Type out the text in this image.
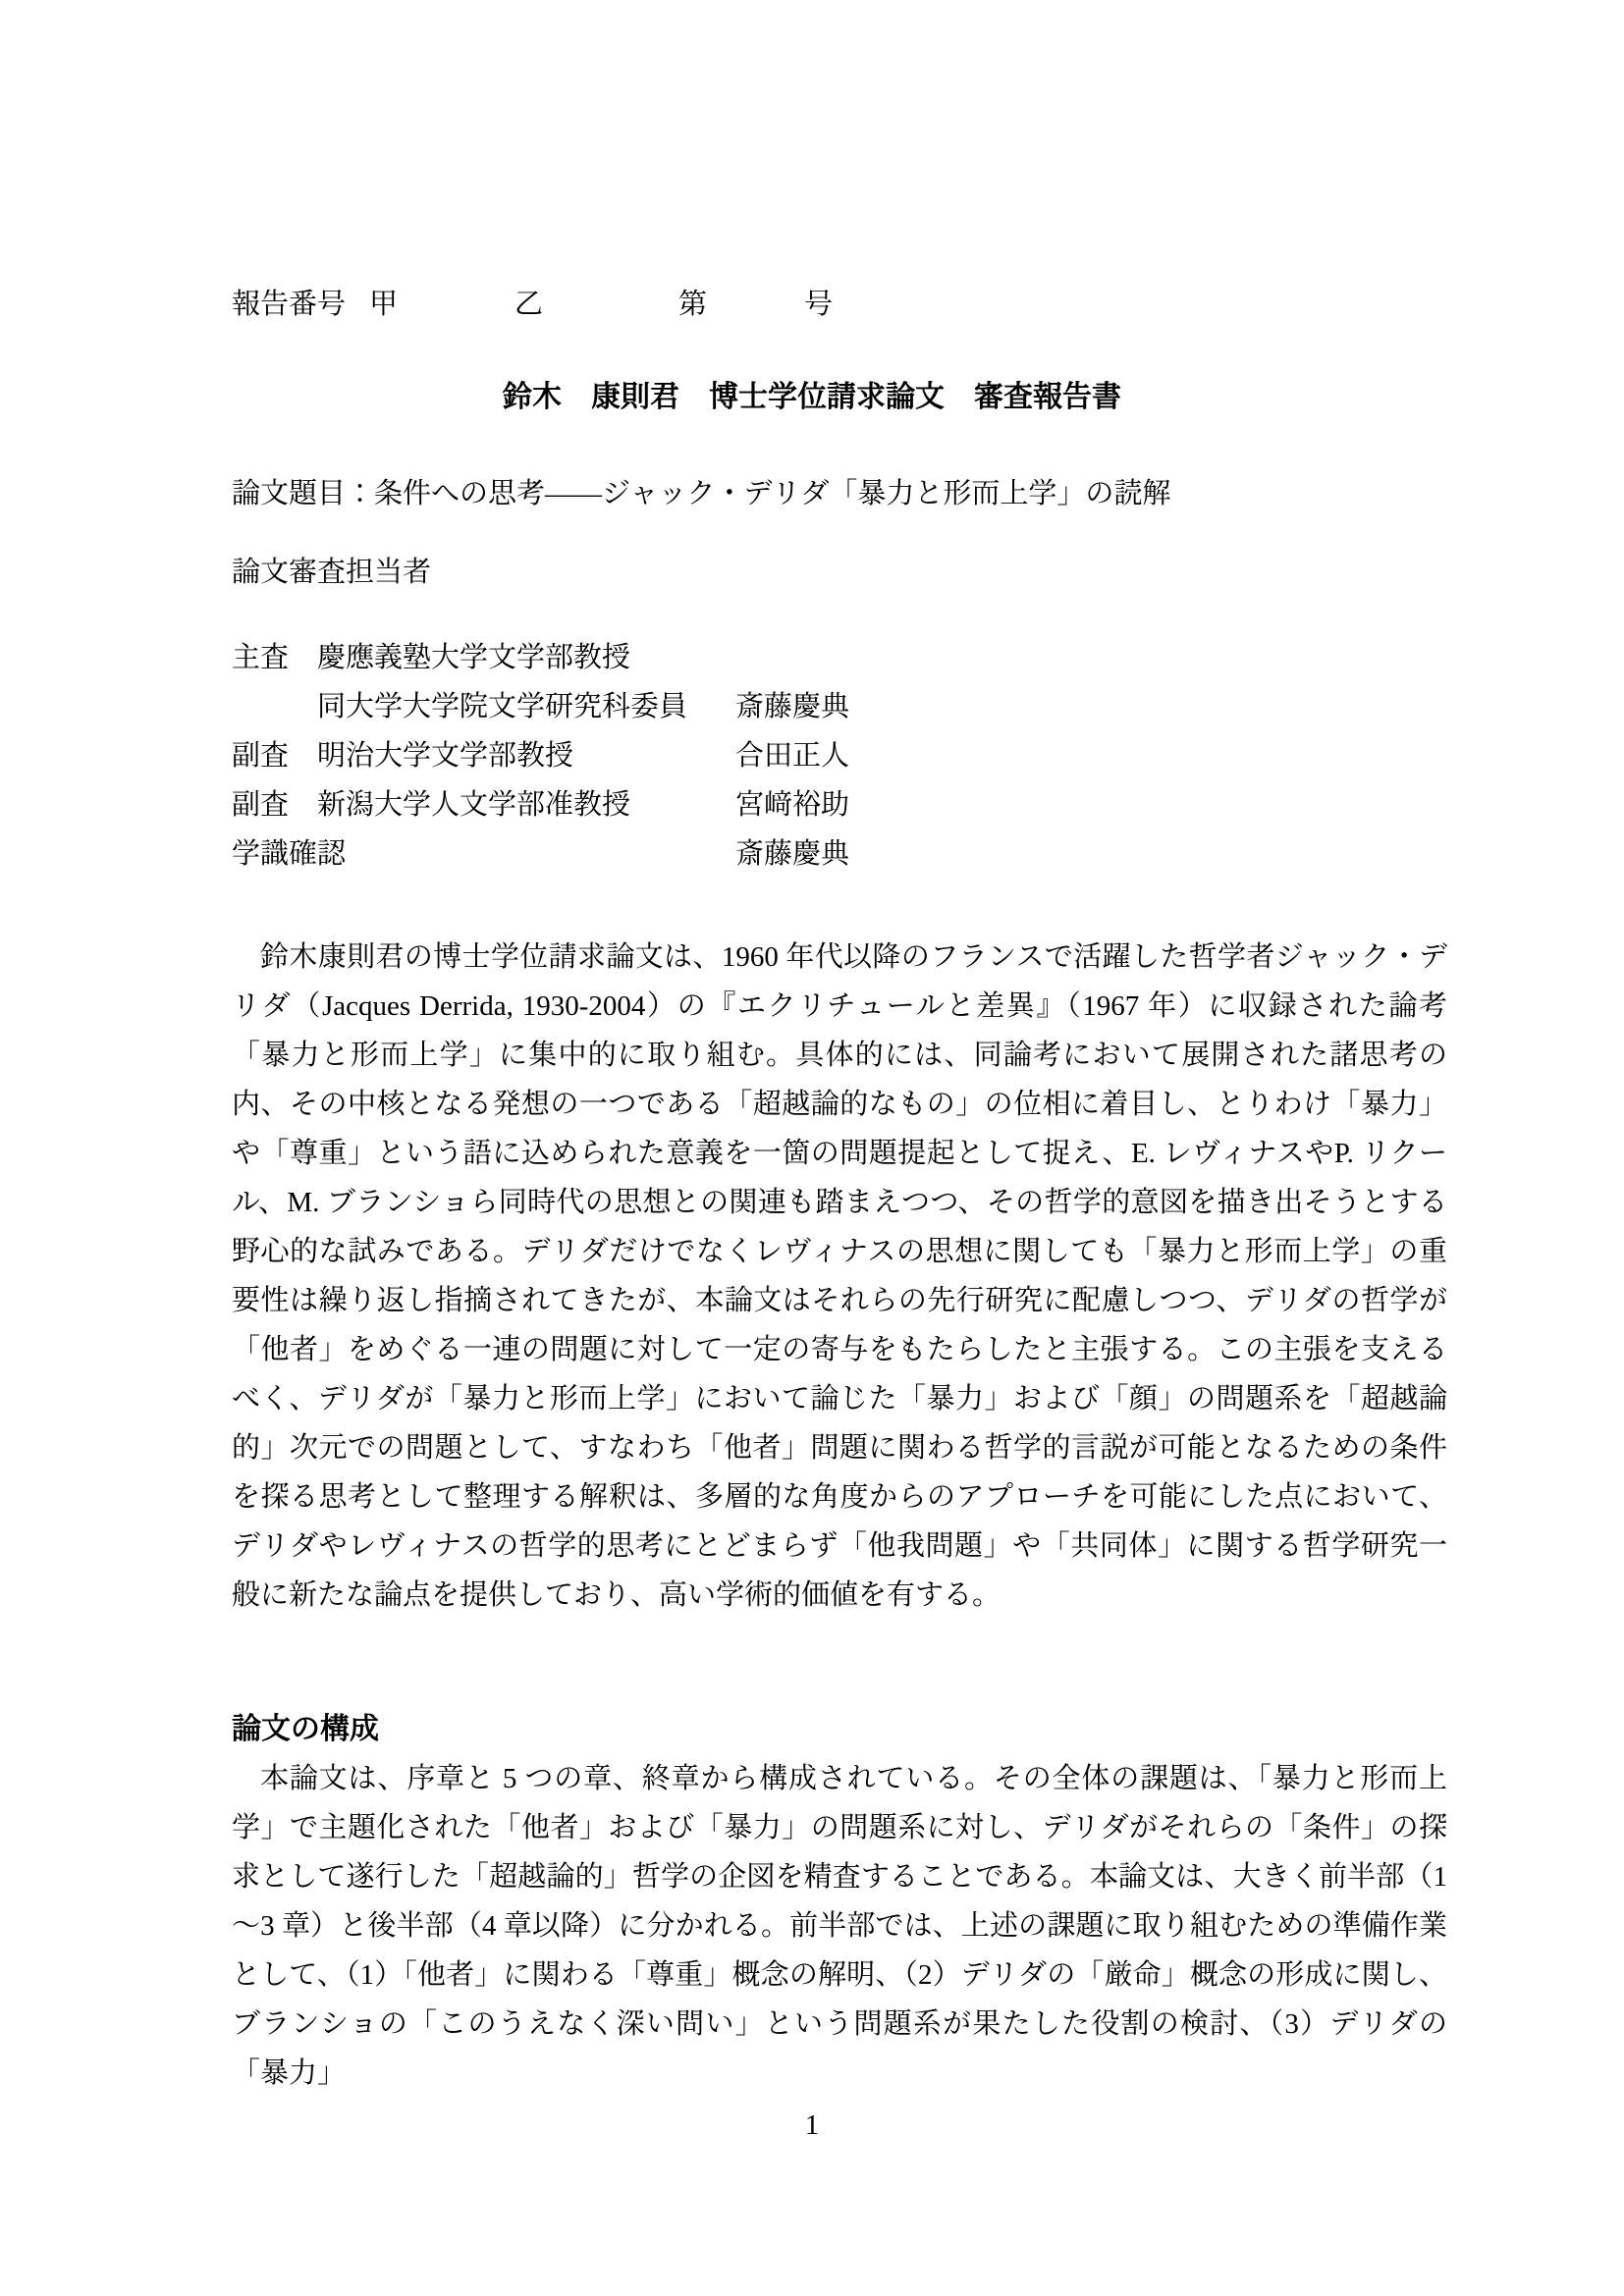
報告番号 甲	乙	第	号
鈴木　康則君　博士学位請求論文　審査報告書
論文題目：条件への思考――ジャック・デリダ「暴力と形而上学」の読解
論文審査担当者
主査 慶應義塾大学文学部教授
同大学大学院文学研究科委員	斎藤慶典
副査 明治大学文学部教授	合田正人
副査 新潟大学人文学部准教授	宮﨑裕助
学識確認	斎藤慶典

鈴木康則君の博士学位請求論文は、1960 年代以降のフランスで活躍した哲学者ジャック・デリダ（Jacques Derrida, 1930-2004）の『エクリチュールと差異』（1967 年）に収録された論考「暴力と形而上学」に集中的に取り組む。具体的には、同論考において展開された諸思考の内、その中核となる発想の一つである「超越論的なもの」の位相に着目し、とりわけ「暴力」や「尊重」という語に込められた意義を一箇の問題提起として捉え、E. レヴィナスやP. リクール、M. ブランショら同時代の思想との関連も踏まえつつ、その哲学的意図を描き出そうとする野心的な試みである。デリダだけでなくレヴィナスの思想に関しても「暴力と形而上学」の重要性は繰り返し指摘されてきたが、本論文はそれらの先行研究に配慮しつつ、デリダの哲学が「他者」をめぐる一連の問題に対して一定の寄与をもたらしたと主張する。この主張を支えるべく、デリダが「暴力と形而上学」において論じた「暴力」および「顔」の問題系を「超越論的」次元での問題として、すなわち「他者」問題に関わる哲学的言説が可能となるための条件を探る思考として整理する解釈は、多層的な角度からのアプローチを可能にした点において、デリダやレヴィナスの哲学的思考にとどまらず「他我問題」や「共同体」に関する哲学研究一般に新たな論点を提供しており、高い学術的価値を有する。

論文の構成

本論文は、序章と 5 つの章、終章から構成されている。その全体の課題は、「暴力と形而上学」で主題化された「他者」および「暴力」の問題系に対し、デリダがそれらの「条件」の探求として遂行した「超越論的」哲学の企図を精査することである。本論文は、大きく前半部（1～3 章）と後半部（4 章以降）に分かれる。前半部では、上述の課題に取り組むための準備作業として、（1）「他者」に関わる「尊重」概念の解明、（2）デリダの「厳命」概念の形成に関し、ブランショの「このうえなく深い問い」という問題系が果たした役割の検討、（3）デリダの「暴力」

1
